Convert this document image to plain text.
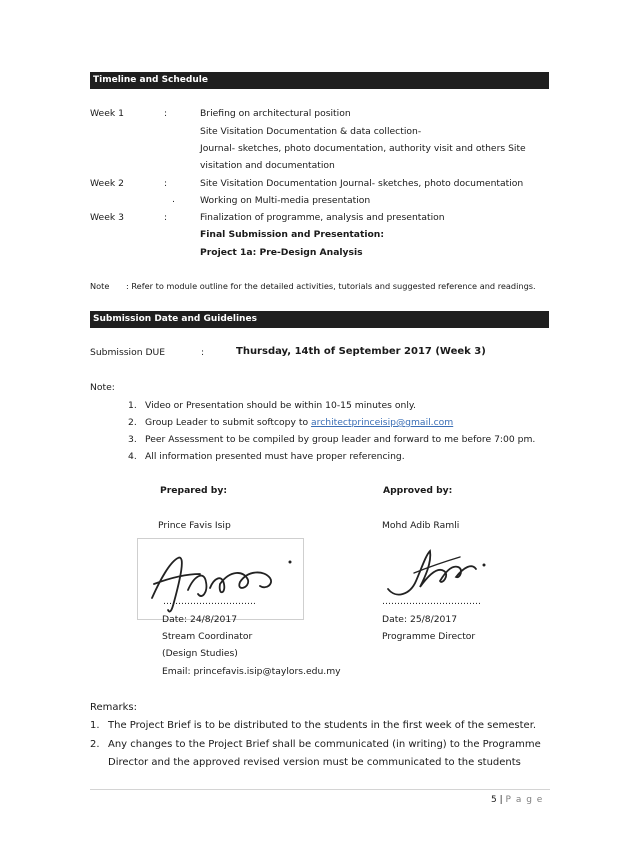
Timeline and Schedule
Week 1	:	Briefing on architectural position
Site Visitation Documentation & data collection-
Journal- sketches, photo documentation, authority visit and others Site
visitation and documentation
Week 2	:	Site Visitation Documentation Journal- sketches, photo documentation
.	Working on Multi-media presentation
Week 3	:	Finalization of programme, analysis and presentation
Final Submission and Presentation:
Project 1a: Pre-Design Analysis
Note : Refer to module outline for the detailed activities, tutorials and suggested reference and readings.
Submission Date and Guidelines
Submission DUE	:	Thursday, 14th of September 2017 (Week 3)
Note:
1. Video or Presentation should be within 10-15 minutes only.
2. Group Leader to submit softcopy to architectprinceisip@gmail.com
3. Peer Assessment to be compiled by group leader and forward to me before 7:00 pm.
4. All information presented must have proper referencing.
Prepared by:	Approved by:
Prince Favis Isip	Mohd Adib Ramli
………………………….	……………………………
Date: 24/8/2017	Date: 25/8/2017
Stream Coordinator	Programme Director
(Design Studies)
Email: princefavis.isip@taylors.edu.my
Remarks:
1. The Project Brief is to be distributed to the students in the first week of the semester.
2. Any changes to the Project Brief shall be communicated (in writing) to the Programme
Director and the approved revised version must be communicated to the students
5 | P a g e
